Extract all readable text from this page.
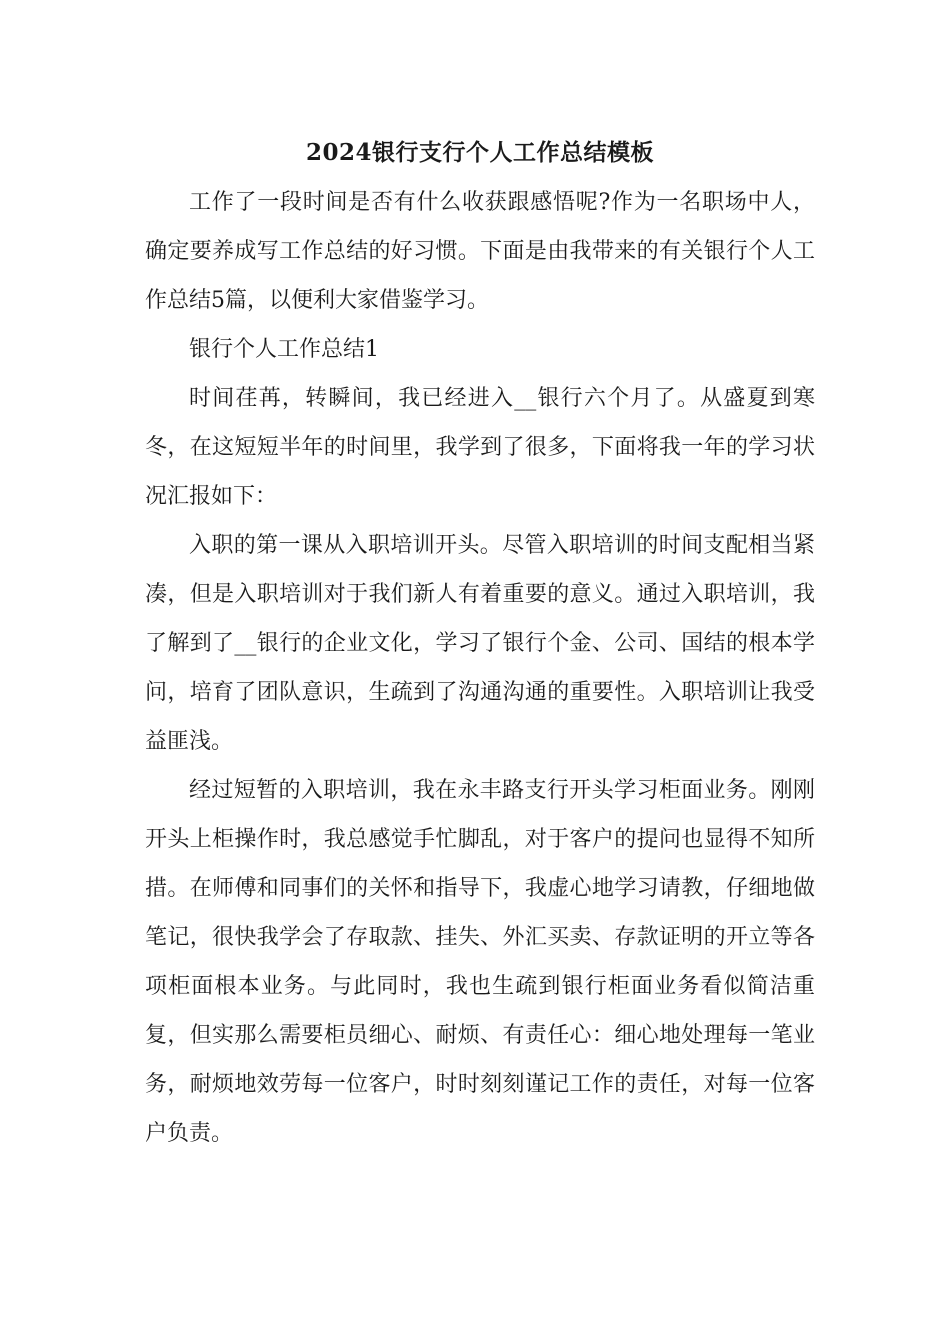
2024银行支行个人工作总结模板

工作了一段时间是否有什么收获跟感悟呢?作为一名职场中人，确定要养成写工作总结的好习惯。下面是由我带来的有关银行个人工作总结5篇，以便利大家借鉴学习。

银行个人工作总结1

时间荏苒，转瞬间，我已经进入__银行六个月了。从盛夏到寒冬，在这短短半年的时间里，我学到了很多，下面将我一年的学习状况汇报如下：

入职的第一课从入职培训开头。尽管入职培训的时间支配相当紧凑，但是入职培训对于我们新人有着重要的意义。通过入职培训，我了解到了__银行的企业文化，学习了银行个金、公司、国结的根本学问，培育了团队意识，生疏到了沟通沟通的重要性。入职培训让我受益匪浅。

经过短暂的入职培训，我在永丰路支行开头学习柜面业务。刚刚开头上柜操作时，我总感觉手忙脚乱，对于客户的提问也显得不知所措。在师傅和同事们的关怀和指导下，我虚心地学习请教，仔细地做笔记，很快我学会了存取款、挂失、外汇买卖、存款证明的开立等各项柜面根本业务。与此同时，我也生疏到银行柜面业务看似简洁重复，但实那么需要柜员细心、耐烦、有责任心：细心地处理每一笔业务，耐烦地效劳每一位客户，时时刻刻谨记工作的责任，对每一位客户负责。
